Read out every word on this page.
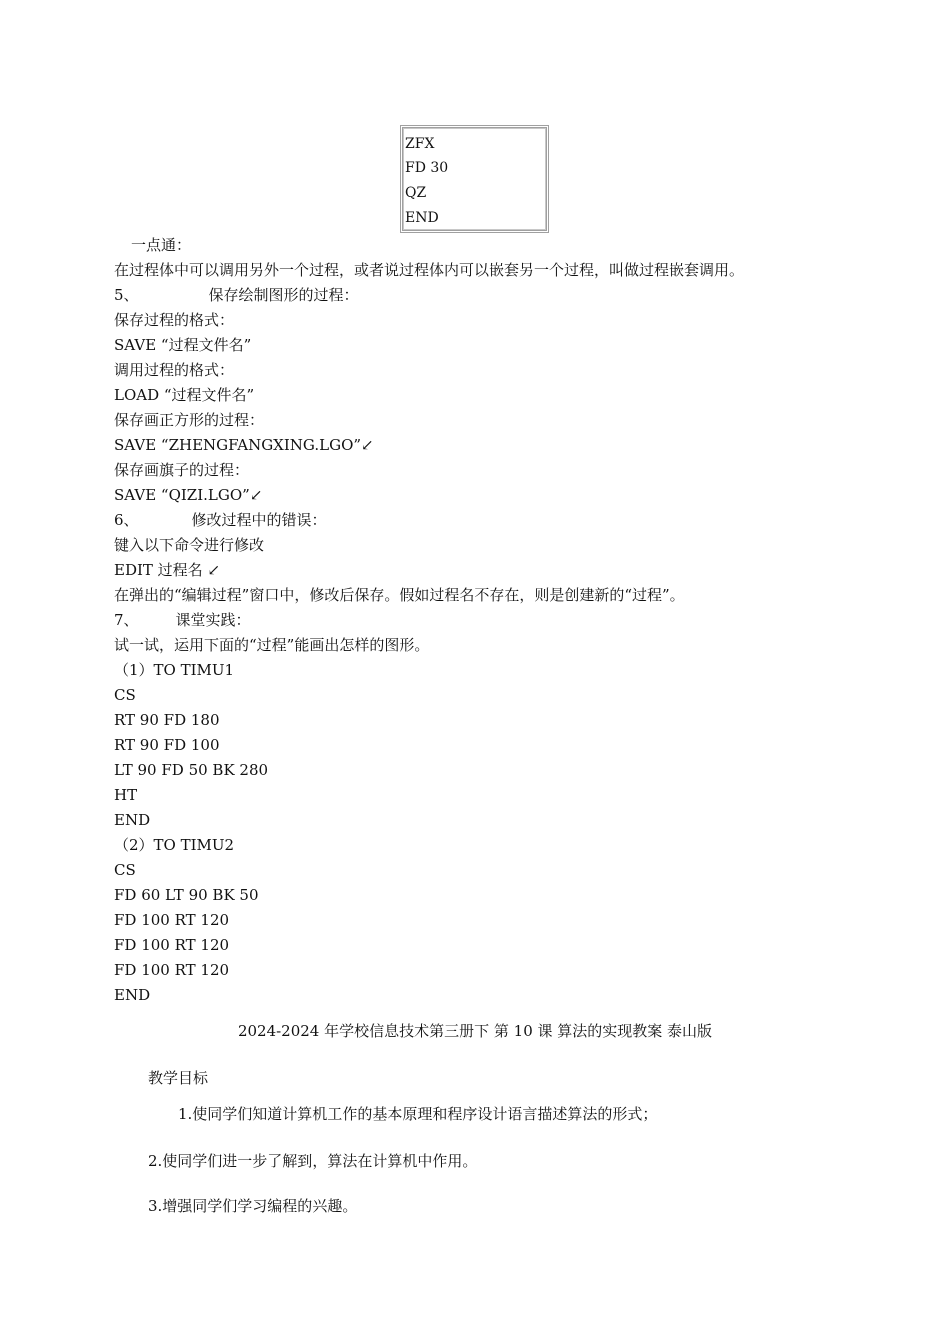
ZFX
FD 30
QZ
END
一点通：
在过程体中可以调用另外一个过程，或者说过程体内可以嵌套另一个过程，叫做过程嵌套调用。
5、	保存绘制图形的过程：
保存过程的格式：
SAVE “过程文件名”
调用过程的格式：
LOAD “过程文件名”
保存画正方形的过程：
SAVE “ZHENGFANGXING.LGO”↙
保存画旗子的过程：
SAVE “QIZI.LGO”↙
6、	修改过程中的错误：
键入以下命令进行修改
EDIT 过程名 ↙
在弹出的“编辑过程”窗口中，修改后保存。假如过程名不存在，则是创建新的“过程”。
7、 课堂实践：
试一试，运用下面的“过程”能画出怎样的图形。
（1）TO TIMU1
CS
RT 90 FD 180
RT 90 FD 100
LT 90 FD 50 BK 280
HT
END
（2）TO TIMU2
CS
FD 60 LT 90 BK 50
FD 100 RT 120
FD 100 RT 120
FD 100 RT 120
END
2024-2024 年学校信息技术第三册下 第 10 课 算法的实现教案 泰山版
教学目标
1.使同学们知道计算机工作的基本原理和程序设计语言描述算法的形式；
2.使同学们进一步了解到，算法在计算机中作用。
3.增强同学们学习编程的兴趣。
